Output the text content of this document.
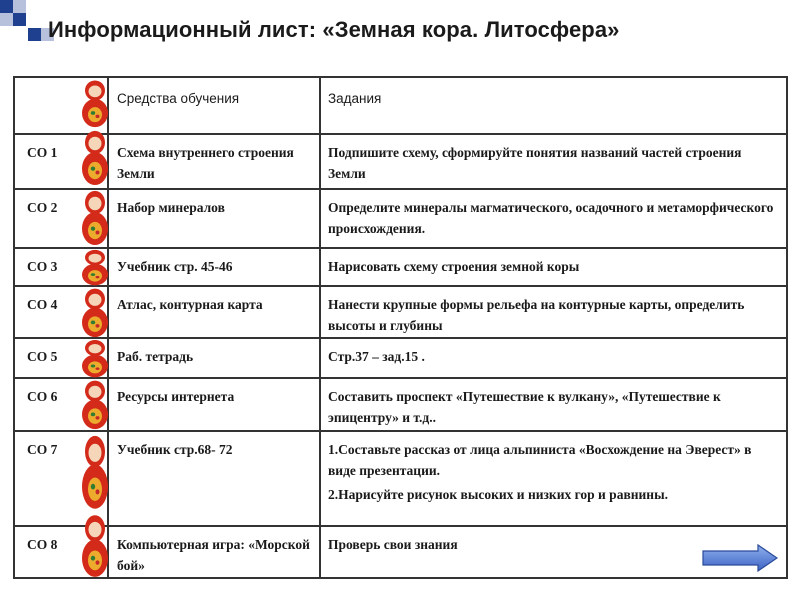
Информационный лист: «Земная кора. Литосфера»
	Средства обучения	Задания
СО 1	Схема внутреннего строения Земли	Подпишите схему, сформируйте понятия названий частей строения Земли

СО 2	Набор минералов	Определите минералы магматического, осадочного и метаморфического происхождения.

СО 3	Учебник стр. 45-46	Нарисовать схему строения земной коры

СО 4	Атлас, контурная карта	Нанести крупные формы рельефа на контурные карты, определить высоты и глубины

СО 5	Раб. тетрадь	Стр.37 – зад.15 .

СО 6	Ресурсы интернета	Составить проспект «Путешествие к вулкану», «Путешествие к эпицентру» и т.д..

СО 7	Учебник стр.68- 72	1.Составьте рассказ от лица альпиниста «Восхождение на Эверест» в виде презентации.
2.Нарисуйте рисунок высоких и низких гор и равнины.

СО 8	Компьютерная игра: «Морской бой»	Проверь свои знания
